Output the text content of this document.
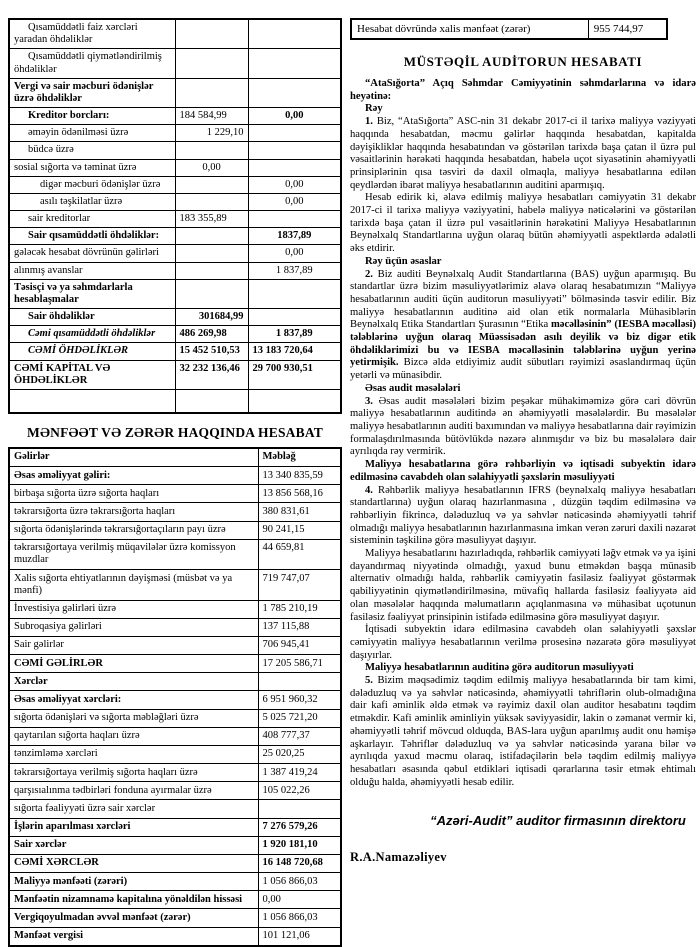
Qısamüddətli faiz xərcləri yaradan öhdəliklər		
Qısamüddətli qiymətləndirilmiş öhdəliklər		
Vergi və sair məcburi ödənişlər üzrə öhdəliklər		
Kreditor borcları:	184 584,99	0,00
əməyin ödənilməsi üzrə	1 229,10	
büdcə üzrə		
sosial sığorta və təminat üzrə	0,00	
digər məcburi ödənişlər üzrə		0,00
asılı təşkilatlar üzrə		0,00
sair kreditorlar	183 355,89	
Sair qısamüddətli öhdəliklər:		1837,89
gələcək hesabat dövrünün gəlirləri		0,00
alınmış avanslar		1 837,89
Təsisçi və ya səhmdarlarla hesablaşmalar		
Sair öhdəliklər	301684,99	
Cəmi qısamüddətli öhdəliklər	486 269,98	1 837,89
CƏMİ ÖHDƏLİKLƏR	15 452 510,53	13 183 720,64
CƏMİ KAPİTAL VƏ ÖHDƏLİKLƏR	32 232 136,46	29 700 930,51

MƏNFƏƏT VƏ ZƏRƏR HAQQINDA HESABAT
Gəlirlər	Məbləğ
Əsas əməliyyat gəliri:	13 340 835,59
birbaşa sığorta üzrə sığorta haqları	13 856 568,16
təkrarsığorta üzrə təkrarsığorta haqları	380 831,61
sığorta ödənişlərində təkrarsığortaçıların payı üzrə	90 241,15
təkrarsığortaya verilmiş müqavilələr üzrə komissyon muzdlar	44 659,81
Xalis sığorta ehtiyatlarının dəyişməsi (müsbət və ya mənfi)	719 747,07
İnvestisiya gəlirləri üzrə	1 785 210,19
Subroqasiya gəlirləri	137 115,88
Sair gəlirlər	706 945,41
CƏMİ GƏLİRLƏR	17 205 586,71
Xərclər	
Əsas əməliyyat xərcləri:	6 951 960,32
sığorta ödənişləri və sığorta məbləğləri üzrə	5 025 721,20
qaytarılan sığorta haqları üzrə	408 777,37
tənzimləmə xərcləri	25 020,25
təkrarsığortaya verilmiş sığorta haqları üzrə	1 387 419,24
qarşısıalınma tədbirləri fonduna ayırmalar üzrə	105 022,26
sığorta fəaliyyəti üzrə sair xərclər	
İşlərin aparılması xərcləri	7 276 579,26
Sair xərclər	1 920 181,10
CƏMİ XƏRCLƏR	16 148 720,68
Maliyyə mənfəəti (zərəri)	1 056 866,03
Mənfəətin nizamnamə kapitalına yönəldilən hissəsi	0,00
Vergiqoyulmadan əvvəl mənfəət (zərər)	1 056 866,03
Mənfəət vergisi	101 121,06
Hesabat dövründə xalis mənfəət (zərər)	955 744,97
MÜSTƏQİL AUDİTORUN HESABATI

“AtaSığorta” Açıq Səhmdar Cəmiyyətinin səhmdarlarına və idarə heyətinə:

Rəy

1. Biz, “AtaSığorta” ASC-nin 31 dekabr 2017-ci il tarixə maliyyə vəziyyəti haqqında hesabatdan, məcmu gəlirlər haqqında hesabatdan, kapitalda dəyişikliklər haqqında hesabatından və göstərilən tarixdə başa çatan il üzrə pul vəsaitlərinin hərəkəti haqqında hesabatdan, habelə uçot siyasətinin əhəmiyyətli prinsiplərinin qısa təsviri də daxil olmaqla, maliyyə hesabatlarına edilən qeydlərdən ibarət maliyyə hesabatlarının auditini aparmışıq.

Hesab edirik ki, əlavə edilmiş maliyyə hesabatları cəmiyyətin 31 dekabr 2017-ci il tarixə maliyyə vəziyyətini, habelə maliyyə nəticələrini və göstərilən tarixdə başa çatan il üzrə pul vəsaitlərinin hərəkətini Maliyyə Hesabatlarının Beynəlxalq Standartlarına uyğun olaraq bütün əhəmiyyətli aspektlərdə ədalətli əks etdirir.

Rəy üçün əsaslar

2. Biz auditi Beynəlxalq Audit Standartlarına (BAS) uyğun aparmışıq. Bu standartlar üzrə bizim məsuliyyətlərimiz əlavə olaraq hesabatımızın “Maliyyə hesabatlarının auditi üçün auditorun məsuliyyəti” bölməsində təsvir edilir. Biz maliyyə hesabatlarının auditinə aid olan etik normalarla Mühasiblərin Beynəlxalq Etika Standartları Şurasının “Etika məcəlləsinin” (IESBA məcəlləsi) tələblərinə uyğun olaraq Müəssisədən asılı deyilik və biz digər etik öhdəliklərimizi bu və IESBA məcəlləsinin tələblərinə uyğun yerinə yetirmişik. Bizcə əldə etdiyimiz audit sübutları rəyimizi əsaslandırmaq üçün yetərli və münasibdir.

Əsas audit məsələləri

3. Əsas audit məsələləri bizim peşəkar mühakiməmizə görə cari dövrün maliyyə hesabatlarının auditində ən əhəmiyyətli məsələlərdir. Bu məsələlər maliyyə hesabatlarının auditi baxımından və maliyyə hesabatlarına dair rəyimizin formalaşdırılmasında bütövlükdə nəzərə alınmışdır və biz bu məsələlərə dair ayrılıqda rəy vermirik.

Maliyyə hesabatlarına görə rəhbərliyin və iqtisadi subyektin idarə edilməsinə cavabdeh olan səlahiyyətli şəxslərin məsuliyyəti

4. Rəhbərlik maliyyə hesabatlarının IFRS (beynəlxalq maliyyə hesabatları standartlarına) uyğun olaraq hazırlanmasına , düzgün təqdim edilməsinə və rəhbərliyin fikrincə, dələduzluq və ya səhvlər nəticəsində əhəmiyyətli təhrif olmadığı maliyyə hesabatlarının hazırlanmasına imkan verən zəruri daxili nəzarət sisteminin təşkilinə görə məsuliyyət daşıyır.

Maliyyə hesabatlarını hazırladıqda, rəhbərlik cəmiyyəti ləğv etmək və ya işini dayandırmaq niyyətində olmadığı, yaxud bunu etməkdən başqa münasib alternativ olmadığı halda, rəhbərlik cəmiyyətin fasiləsiz fəaliyyət göstərmək qabiliyyətinin qiymətləndirilməsinə, müvafiq hallarda fasiləsiz fəaliyyətə aid olan məsələlər haqqında məlumatların açıqlanmasına və mühasibat uçotunun fasiləsiz fəaliyyət prinsipinin istifadə edilməsinə görə məsuliyyət daşıyır.

İqtisadi subyektin idarə edilməsinə cavabdeh olan səlahiyyətli şəxslər cəmiyyətin maliyyə hesabatlarının verilmə prosesinə nəzarətə görə məsuliyyət daşıyırlar.

Maliyyə hesabatlarının auditinə görə auditorun məsuliyyəti

5. Bizim məqsədimiz təqdim edilmiş maliyyə hesabatlarında bir tam kimi, dələduzluq və ya səhvlər nəticəsində, əhəmiyyətli təhriflərin olub-olmadığına dair kafi əminlik əldə etmək və rəyimiz daxil olan auditor hesabatını təqdim etməkdir. Kafi əminlik əminliyin yüksək səviyyəsidir, lakin o zəmanət vermir ki, əhəmiyyətli təhrif mövcud olduqda, BAS-lara uyğun aparılmış audit onu həmişə aşkarlayır. Təhriflər dələduzluq və ya səhvlər nəticəsində yarana bilər və ayrılıqda yaxud məcmu olaraq, istifadəçilərin belə təqdim edilmiş maliyyə hesabatları əsasında qəbul etdikləri iqtisadi qərarlarına təsir etmək ehtimalı olduğu halda, əhəmiyyətli hesab edilir.

“Azəri-Audit” auditor firmasının direktoru
R.A.Namazəliyev
